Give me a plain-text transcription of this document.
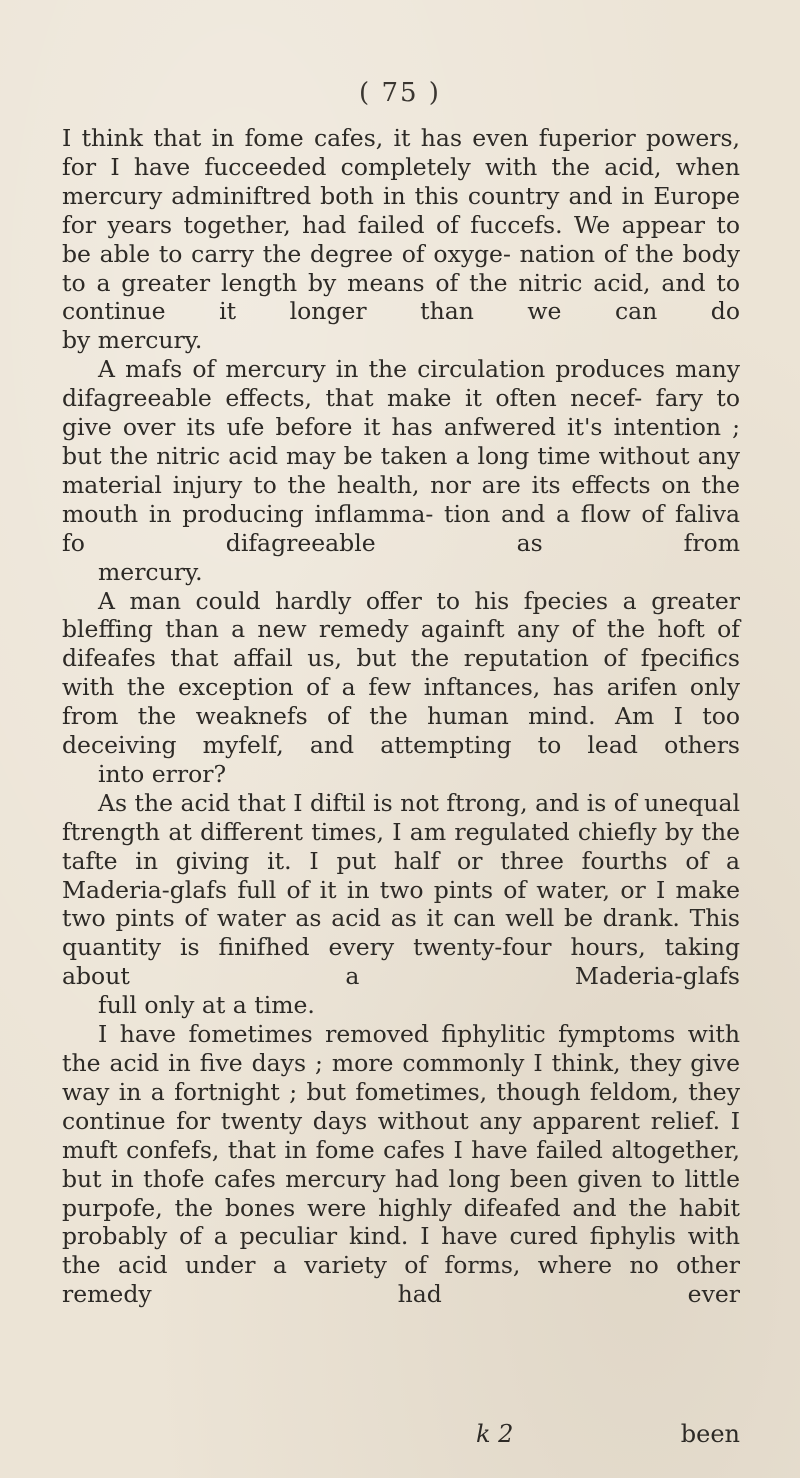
( 75 )

I think that in fome cafes, it has even fuperior powers, for I have fucceeded completely with the acid, when mercury adminiftred both in this country and in Europe for years together, had failed of fuccefs. We appear to be able to carry the degree of oxyge- nation of the body to a greater length by means of the nitric acid, and to continue it longer than we can do
by mercury.

A mafs of mercury in the circulation produces many difagreeable effects, that make it often necef- fary to give over its ufe before it has anfwered it's intention ; but the nitric acid may be taken a long time without any material injury to the health, nor are its effects on the mouth in producing inflamma- tion and a flow of faliva fo difagreeable as from
mercury.

A man could hardly offer to his fpecies a greater bleffing than a new remedy againft any of the hoft of difeafes that affail us, but the reputation of fpecifics with the exception of a few inftances, has arifen only from the weaknefs of the human mind. Am I too deceiving myfelf, and attempting to lead others
into error?

As the acid that I diftil is not ftrong, and is of unequal ftrength at different times, I am regulated chiefly by the tafte in giving it. I put half or three fourths of a Maderia-glafs full of it in two pints of water, or I make two pints of water as acid as it can well be drank. This quantity is finifhed every twenty-four hours, taking about a Maderia-glafs
full only at a time.

I have fometimes removed fiphylitic fymptoms with the acid in five days ; more commonly I think, they give way in a fortnight ; but fometimes, though feldom, they continue for twenty days without any apparent relief. I muft confefs, that in fome cafes I have failed altogether, but in thofe cafes mercury had long been given to little purpofe, the bones were highly difeafed and the habit probably of a peculiar kind. I have cured fiphylis with the acid under a variety of forms, where no other remedy had ever

k 2	been
